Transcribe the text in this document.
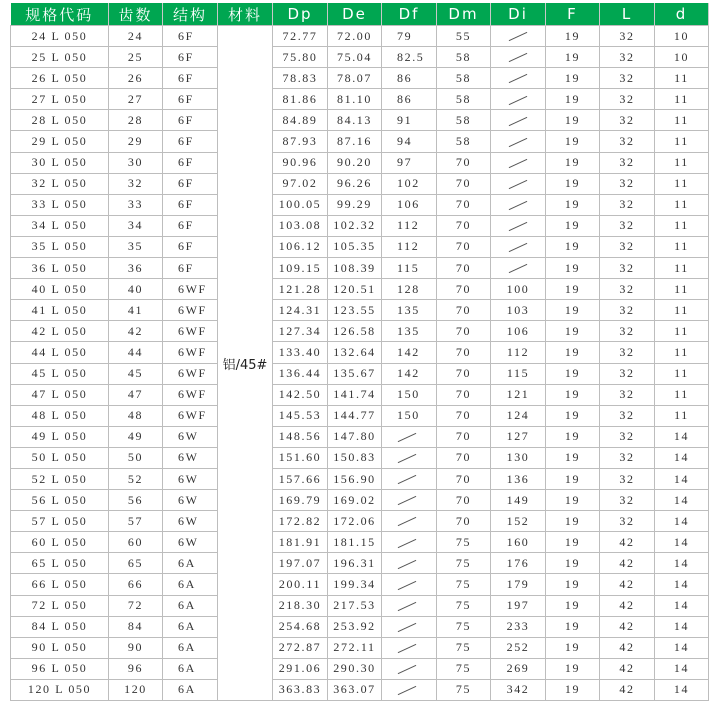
规格代码	齿数	结构	材料	Dp	De	Df	Dm	Di	F	L	d
24 L 050	24	6F	铝/45#	72.77	72.00	79	55		19	32	10
25 L 050	25	6F		75.80	75.04	82.5	58		19	32	10
26 L 050	26	6F		78.83	78.07	86	58		19	32	11
27 L 050	27	6F		81.86	81.10	86	58		19	32	11
28 L 050	28	6F		84.89	84.13	91	58		19	32	11
29 L 050	29	6F		87.93	87.16	94	58		19	32	11
30 L 050	30	6F		90.96	90.20	97	70		19	32	11
32 L 050	32	6F		97.02	96.26	102	70		19	32	11
33 L 050	33	6F		100.05	99.29	106	70		19	32	11
34 L 050	34	6F		103.08	102.32	112	70		19	32	11
35 L 050	35	6F		106.12	105.35	112	70		19	32	11
36 L 050	36	6F		109.15	108.39	115	70		19	32	11
40 L 050	40	6WF		121.28	120.51	128	70	100	19	32	11
41 L 050	41	6WF		124.31	123.55	135	70	103	19	32	11
42 L 050	42	6WF		127.34	126.58	135	70	106	19	32	11
44 L 050	44	6WF		133.40	132.64	142	70	112	19	32	11
45 L 050	45	6WF		136.44	135.67	142	70	115	19	32	11
47 L 050	47	6WF		142.50	141.74	150	70	121	19	32	11
48 L 050	48	6WF		145.53	144.77	150	70	124	19	32	11
49 L 050	49	6W		148.56	147.80		70	127	19	32	14
50 L 050	50	6W		151.60	150.83		70	130	19	32	14
52 L 050	52	6W		157.66	156.90		70	136	19	32	14
56 L 050	56	6W		169.79	169.02		70	149	19	32	14
57 L 050	57	6W		172.82	172.06		70	152	19	32	14
60 L 050	60	6W		181.91	181.15		75	160	19	42	14
65 L 050	65	6A		197.07	196.31		75	176	19	42	14
66 L 050	66	6A		200.11	199.34		75	179	19	42	14
72 L 050	72	6A		218.30	217.53		75	197	19	42	14
84 L 050	84	6A		254.68	253.92		75	233	19	42	14
90 L 050	90	6A		272.87	272.11		75	252	19	42	14
96 L 050	96	6A		291.06	290.30		75	269	19	42	14
120 L 050	120	6A		363.83	363.07		75	342	19	42	14
